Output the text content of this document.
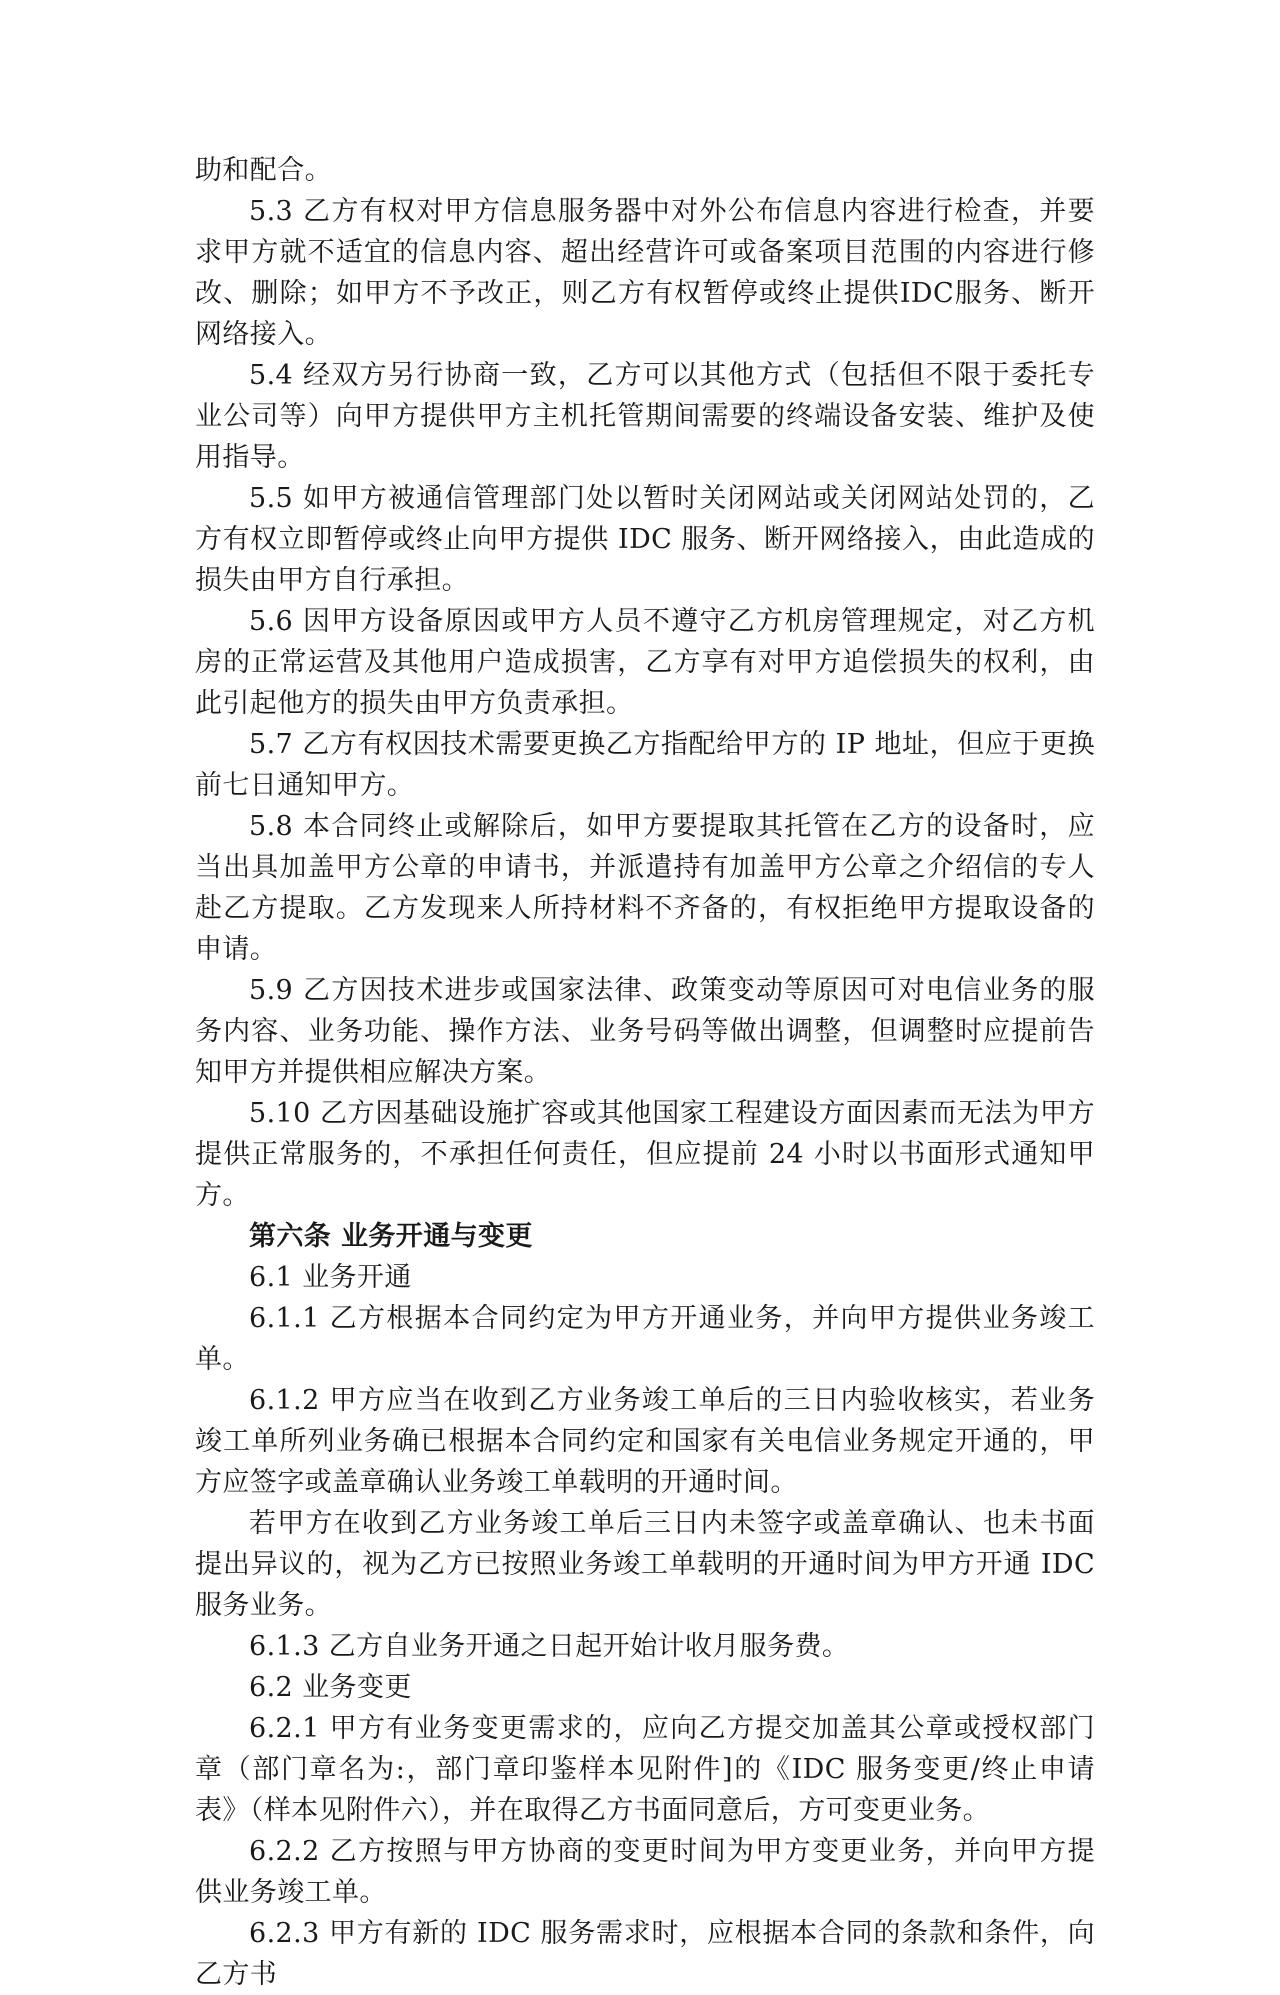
助和配合。

5.3 乙方有权对甲方信息服务器中对外公布信息内容进行检查，并要求甲方就不适宜的信息内容、超出经营许可或备案项目范围的内容进行修改、删除；如甲方不予改正，则乙方有权暂停或终止提供IDC服务、断开网络接入。

5.4 经双方另行协商一致，乙方可以其他方式（包括但不限于委托专业公司等）向甲方提供甲方主机托管期间需要的终端设备安装、维护及使用指导。

5.5 如甲方被通信管理部门处以暂时关闭网站或关闭网站处罚的，乙方有权立即暂停或终止向甲方提供 IDC 服务、断开网络接入，由此造成的损失由甲方自行承担。

5.6 因甲方设备原因或甲方人员不遵守乙方机房管理规定，对乙方机房的正常运营及其他用户造成损害，乙方享有对甲方追偿损失的权利，由此引起他方的损失由甲方负责承担。

5.7 乙方有权因技术需要更换乙方指配给甲方的 IP 地址，但应于更换前七日通知甲方。

5.8 本合同终止或解除后，如甲方要提取其托管在乙方的设备时，应当出具加盖甲方公章的申请书，并派遣持有加盖甲方公章之介绍信的专人赴乙方提取。乙方发现来人所持材料不齐备的，有权拒绝甲方提取设备的申请。

5.9 乙方因技术进步或国家法律、政策变动等原因可对电信业务的服务内容、业务功能、操作方法、业务号码等做出调整，但调整时应提前告知甲方并提供相应解决方案。

5.10 乙方因基础设施扩容或其他国家工程建设方面因素而无法为甲方提供正常服务的，不承担任何责任，但应提前 24 小时以书面形式通知甲方。

第六条 业务开通与变更

6.1 业务开通

6.1.1 乙方根据本合同约定为甲方开通业务，并向甲方提供业务竣工单。

6.1.2 甲方应当在收到乙方业务竣工单后的三日内验收核实，若业务竣工单所列业务确已根据本合同约定和国家有关电信业务规定开通的，甲方应签字或盖章确认业务竣工单载明的开通时间。

若甲方在收到乙方业务竣工单后三日内未签字或盖章确认、也未书面提出异议的，视为乙方已按照业务竣工单载明的开通时间为甲方开通 IDC 服务业务。

6.1.3 乙方自业务开通之日起开始计收月服务费。

6.2 业务变更

6.2.1 甲方有业务变更需求的，应向乙方提交加盖其公章或授权部门章（部门章名为:，部门章印鉴样本见附件]的《IDC 服务变更/终止申请表》（样本见附件六），并在取得乙方书面同意后，方可变更业务。

6.2.2 乙方按照与甲方协商的变更时间为甲方变更业务，并向甲方提供业务竣工单。

6.2.3 甲方有新的 IDC 服务需求时，应根据本合同的条款和条件，向乙方书
